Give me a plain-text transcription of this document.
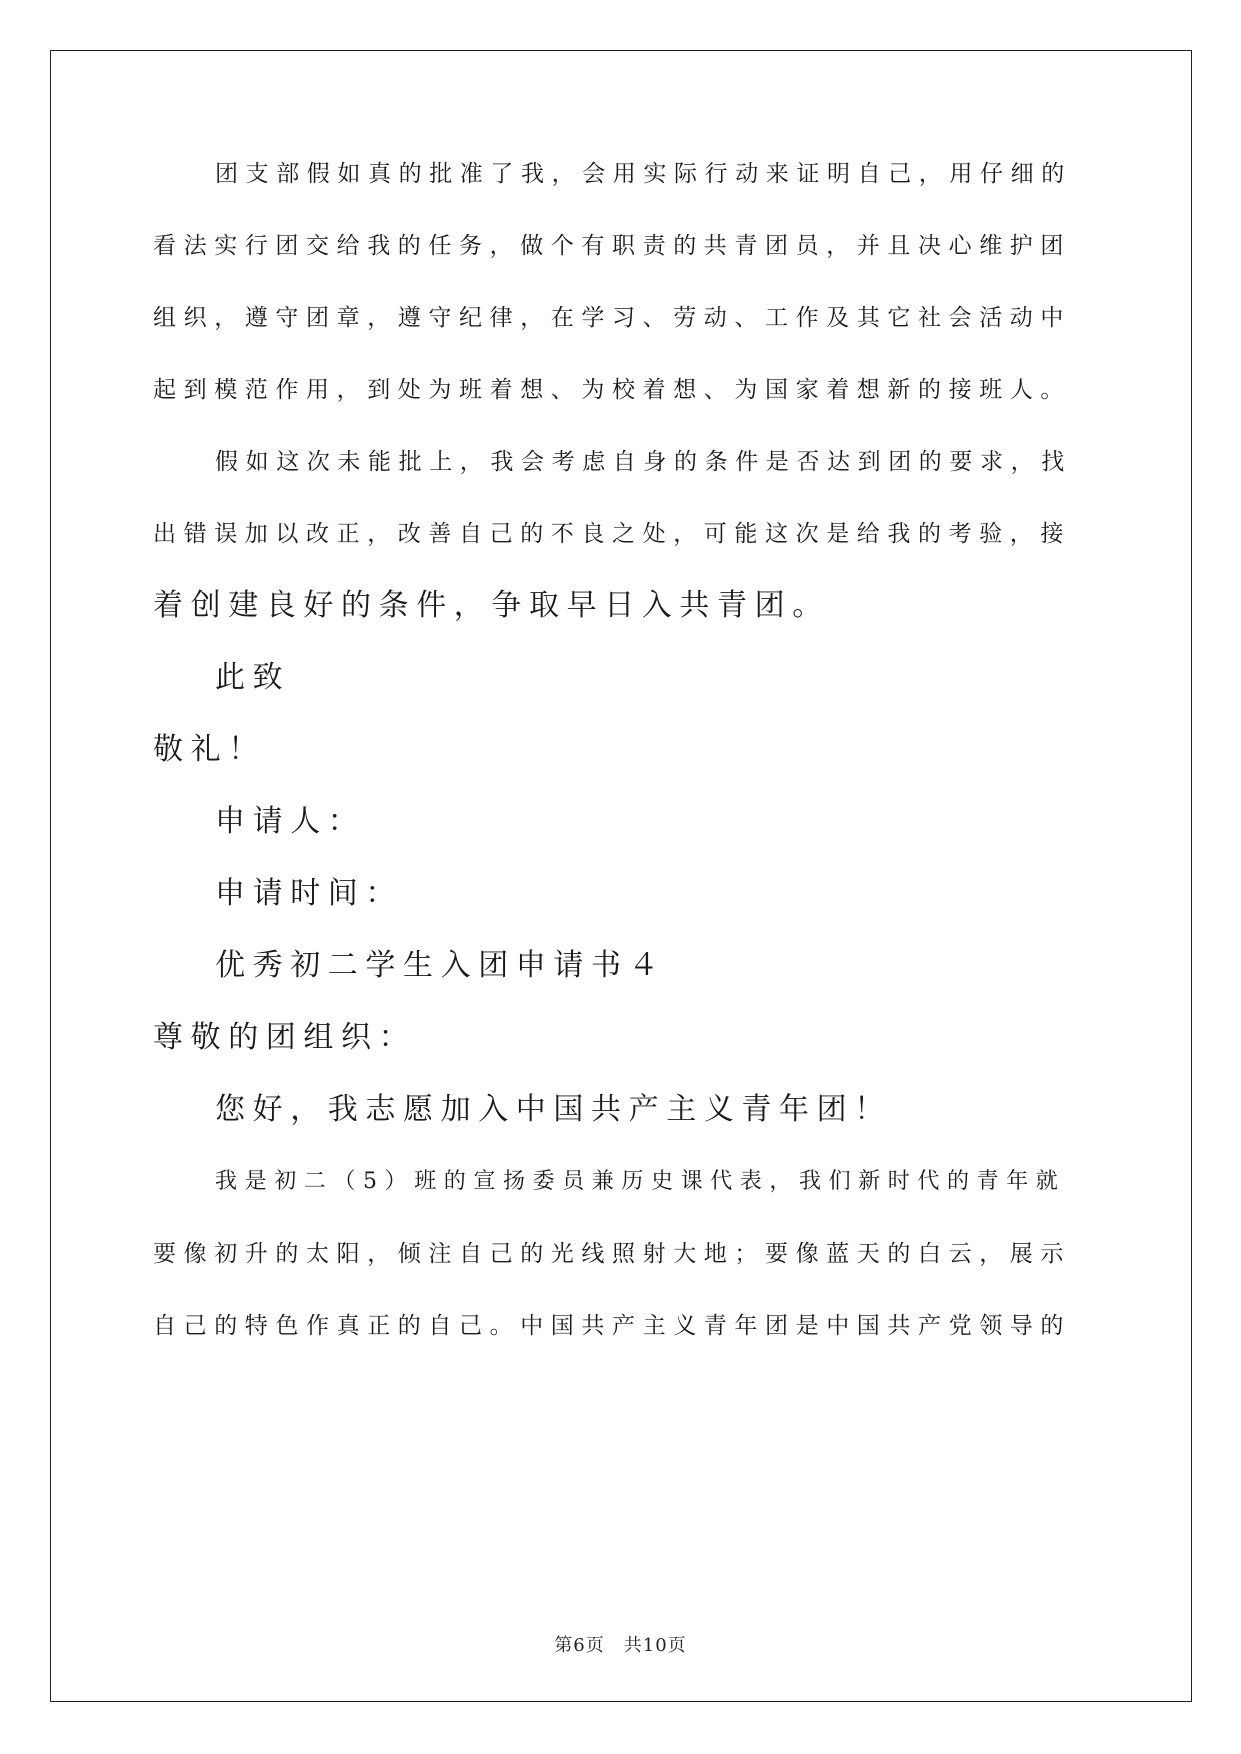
团支部假如真的批准了我，会用实际行动来证明自己，用仔细的
看法实行团交给我的任务，做个有职责的共青团员，并且决心维护团
组织，遵守团章，遵守纪律，在学习、劳动、工作及其它社会活动中
起到模范作用，到处为班着想、为校着想、为国家着想新的接班人。
假如这次未能批上，我会考虑自身的条件是否达到团的要求，找
出错误加以改正，改善自己的不良之处，可能这次是给我的考验，接
着创建良好的条件，争取早日入共青团。
此致
敬礼！
申请人：
申请时间：
优秀初二学生入团申请书４
尊敬的团组织：
您好，我志愿加入中国共产主义青年团！
我是初二（5）班的宣扬委员兼历史课代表，我们新时代的青年就
要像初升的太阳，倾注自己的光线照射大地；要像蓝天的白云，展示
自己的特色作真正的自己。中国共产主义青年团是中国共产党领导的
第6页　共10页
